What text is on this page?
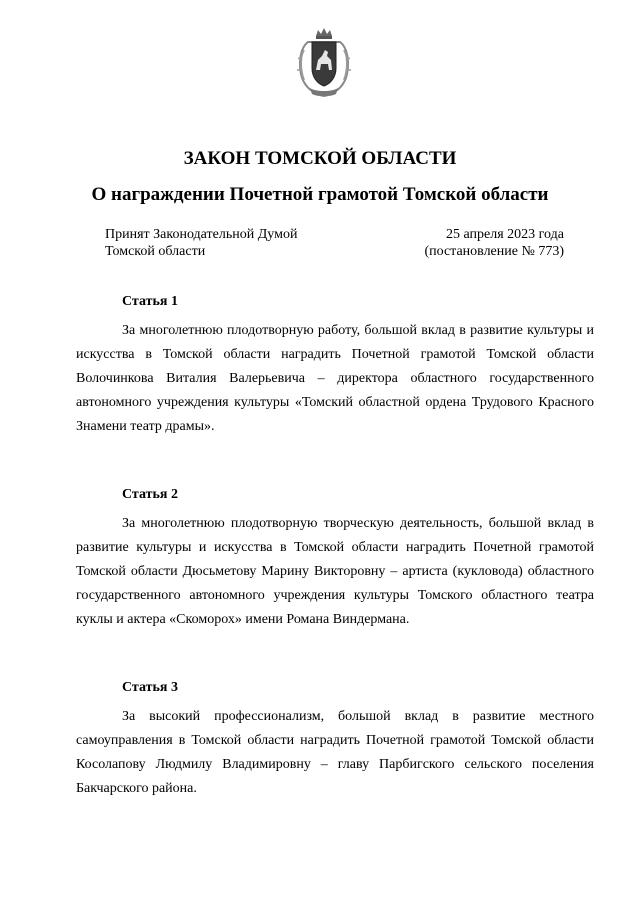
ЗАКОН ТОМСКОЙ ОБЛАСТИ
О награждении Почетной грамотой Томской области
Принят Законодательной Думой
Томской области
25 апреля 2023 года
(постановление № 773)
Статья 1

За многолетнюю плодотворную работу, большой вклад в развитие культуры и искусства в Томской области наградить Почетной грамотой Томской области Волочинкова Виталия Валерьевича – директора областного государственного автономного учреждения культуры «Томский областной ордена Трудового Красного Знамени театр драмы».

Статья 2

За многолетнюю плодотворную творческую деятельность, большой вклад в развитие культуры и искусства в Томской области наградить Почетной грамотой Томской области Дюсьметову Марину Викторовну – артиста (кукловода) областного государственного автономного учреждения культуры Томского областного театра куклы и актера «Скоморох» имени Романа Виндермана.

Статья 3

За высокий профессионализм, большой вклад в развитие местного самоуправления в Томской области наградить Почетной грамотой Томской области Косолапову Людмилу Владимировну – главу Парбигского сельского поселения Бакчарского района.
